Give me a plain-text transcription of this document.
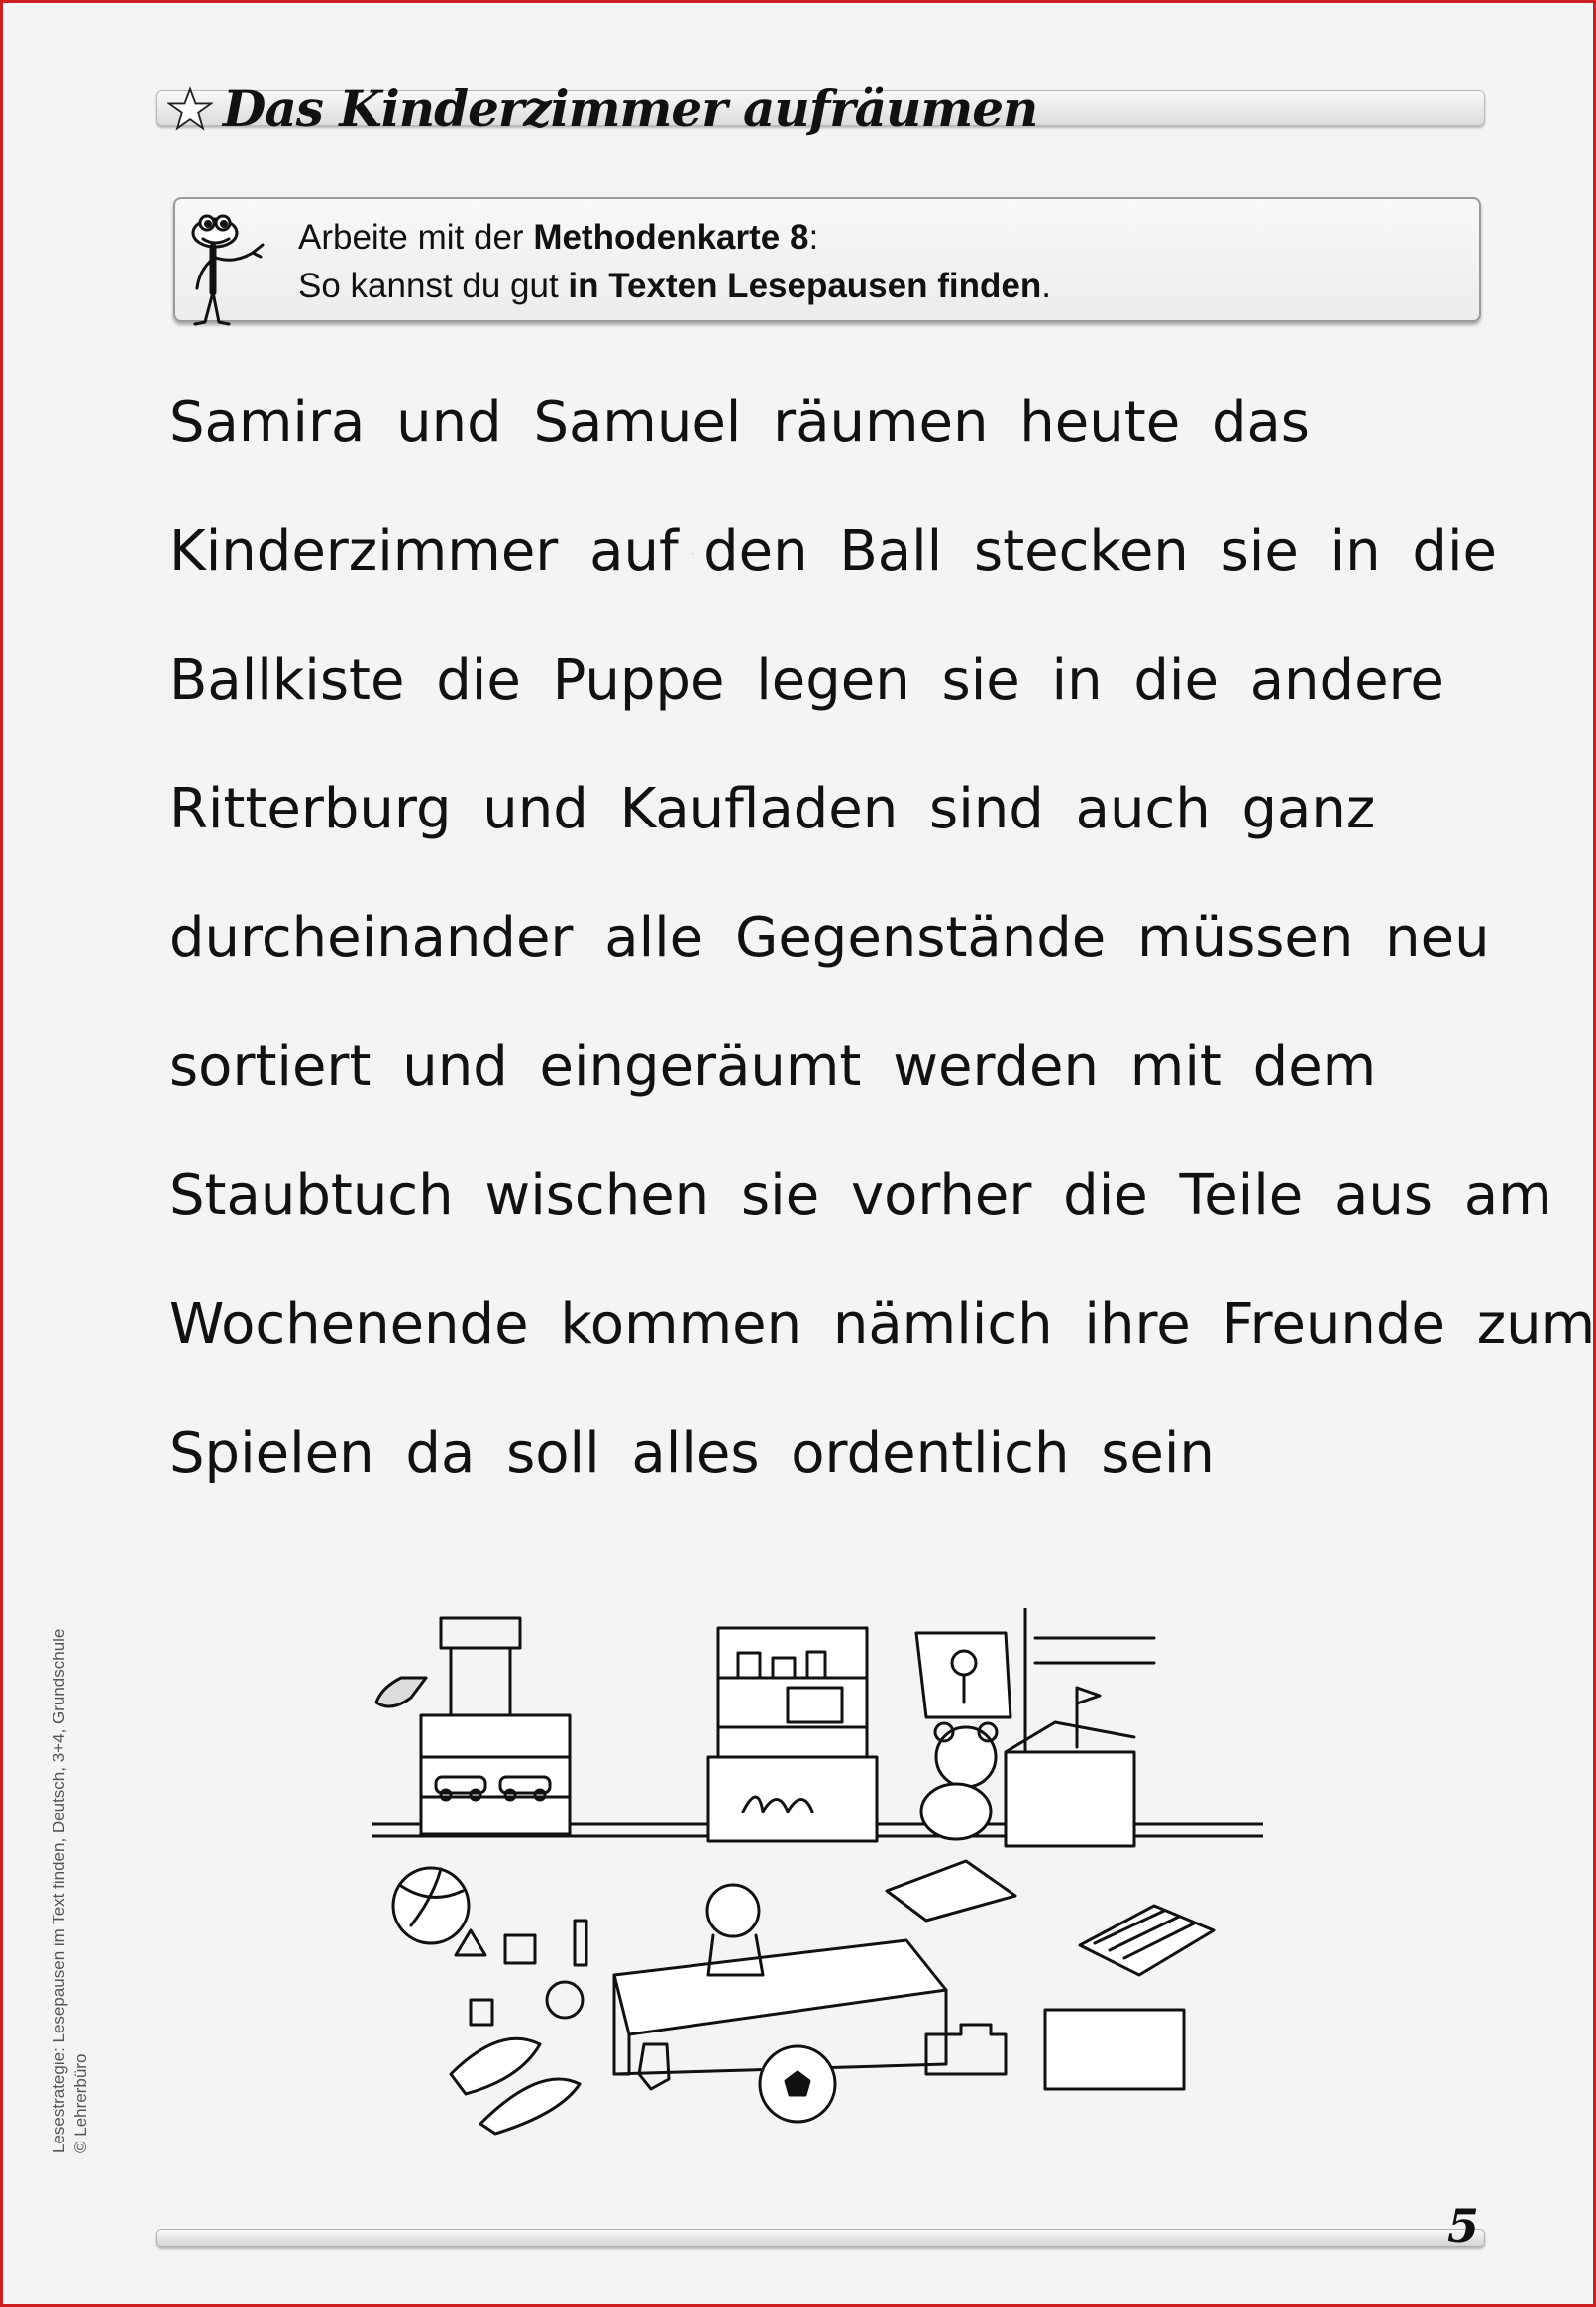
Das Kinderzimmer aufräumen
Arbeite mit der Methodenkarte 8:
So kannst du gut in Texten Lesepausen finden.
Samira und Samuel räumen heute das
Kinderzimmer auf den Ball stecken sie in die
Ballkiste die Puppe legen sie in die andere
Ritterburg und Kaufladen sind auch ganz
durcheinander alle Gegenstände müssen neu
sortiert und eingeräumt werden mit dem
Staubtuch wischen sie vorher die Teile aus am
Wochenende kommen nämlich ihre Freunde zum
Spielen da soll alles ordentlich sein
Lesestrategie: Lesepausen im Text finden, Deutsch, 3+4, Grundschule © Lehrerbüro
5
